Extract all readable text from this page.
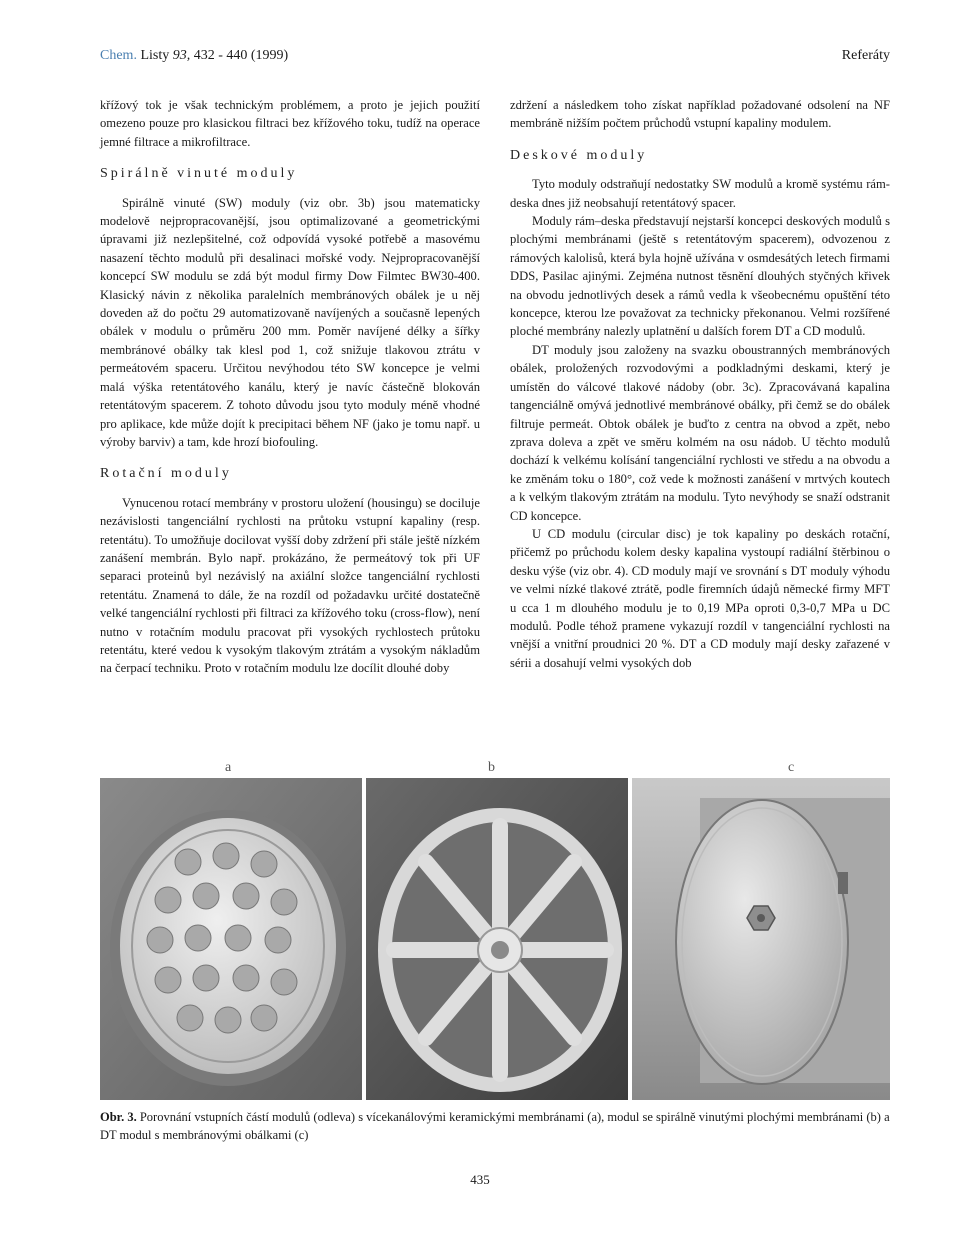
Chem. Listy 93, 432 - 440 (1999)	Referáty

křížový tok je však technickým problémem, a proto je jejich použití omezeno pouze pro klasickou filtraci bez křížového toku, tudíž na operace jemné filtrace a mikrofiltrace.

Spirálně vinuté moduly

Spirálně vinuté (SW) moduly (viz obr. 3b) jsou matematicky modelově nejpropracovanější, jsou optimalizované a geometrickými úpravami již nezlepšitelné, což odpovídá vysoké potřebě a masovému nasazení těchto modulů při desalinaci mořské vody. Nejpropracovanější koncepcí SW modulu se zdá být modul firmy Dow Filmtec BW30-400. Klasický návin z několika paralelních membránových obálek je u něj doveden až do počtu 29 automatizovaně navíjených a současně lepených obálek v modulu o průměru 200 mm. Poměr navíjené délky a šířky membránové obálky tak klesl pod 1, což snižuje tlakovou ztrátu v permeátovém spaceru. Určitou nevýhodou této SW koncepce je velmi malá výška retentátového kanálu, který je navíc částečně blokován retentátovým spacerem. Z tohoto důvodu jsou tyto moduly méně vhodné pro aplikace, kde může dojít k precipitaci během NF (jako je tomu např. u výroby barviv) a tam, kde hrozí biofouling.

Rotační moduly

Vynucenou rotací membrány v prostoru uložení (housingu) se dociluje nezávislosti tangenciální rychlosti na průtoku vstupní kapaliny (resp. retentátu). To umožňuje docilovat vyšší doby zdržení při stále ještě nízkém zanášení membrán. Bylo např. prokázáno, že permeátový tok při UF separaci proteinů byl nezávislý na axiální složce tangenciální rychlosti retentátu. Znamená to dále, že na rozdíl od požadavku určité dostatečně velké tangenciální rychlosti při filtraci za křížového toku (cross-flow), není nutno v rotačním modulu pracovat při vysokých rychlostech průtoku retentátu, které vedou k vysokým tlakovým ztrátám a vysokým nákladům na čerpací techniku. Proto v rotačním modulu lze docílit dlouhé doby

zdržení a následkem toho získat například požadované odsolení na NF membráně nižším počtem průchodů vstupní kapaliny modulem.

Deskové moduly

Tyto moduly odstraňují nedostatky SW modulů a kromě systému rám-deska dnes již neobsahují retentátový spacer.

Moduly rám–deska představují nejstarší koncepci deskových modulů s plochými membránami (ještě s retentátovým spacerem), odvozenou z rámových kalolisů, která byla hojně užívána v osmdesátých letech firmami DDS, Pasilac ajinými. Zejména nutnost těsnění dlouhých styčných křivek na obvodu jednotlivých desek a rámů vedla k všeobecnému opuštění této koncepce, kterou lze považovat za technicky překonanou. Velmi rozšířené ploché membrány nalezly uplatnění u dalších forem DT a CD modulů.

DT moduly jsou založeny na svazku oboustranných membránových obálek, proložených rozvodovými a podkladnými deskami, který je umístěn do válcové tlakové nádoby (obr. 3c). Zpracovávaná kapalina tangenciálně omývá jednotlivé membránové obálky, při čemž se do obálek filtruje permeát. Obtok obálek je buďto z centra na obvod a zpět, nebo zprava doleva a zpět ve směru kolmém na osu nádob. U těchto modulů dochází k velkému kolísání tangenciální rychlosti ve středu a na obvodu a ke změnám toku o 180°, což vede k možnosti zanášení v mrtvých koutech a k velkým tlakovým ztrátám na modulu. Tyto nevýhody se snaží odstranit CD koncepce.

U CD modulu (circular disc) je tok kapaliny po deskách rotační, přičemž po průchodu kolem desky kapalina vystoupí radiální štěrbinou o desku výše (viz obr. 4). CD moduly mají ve srovnání s DT moduly výhodu ve velmi nízké tlakové ztrátě, podle firemních údajů německé firmy MFT u cca 1 m dlouhého modulu je to 0,19 MPa oproti 0,3-0,7 MPa u DC modulů. Podle téhož pramene vykazují rozdíl v tangenciální rychlosti na vnější a vnitřní proudnici 20 %. DT a CD moduly mají desky zařazené v sérii a dosahují velmi vysokých dob

a	b	c
Obr. 3. Porovnání vstupních částí modulů (odleva) s vícekanálovými keramickými membránami (a), modul se spirálně vinutými plochými membránami (b) a DT modul s membránovými obálkami (c)
435
